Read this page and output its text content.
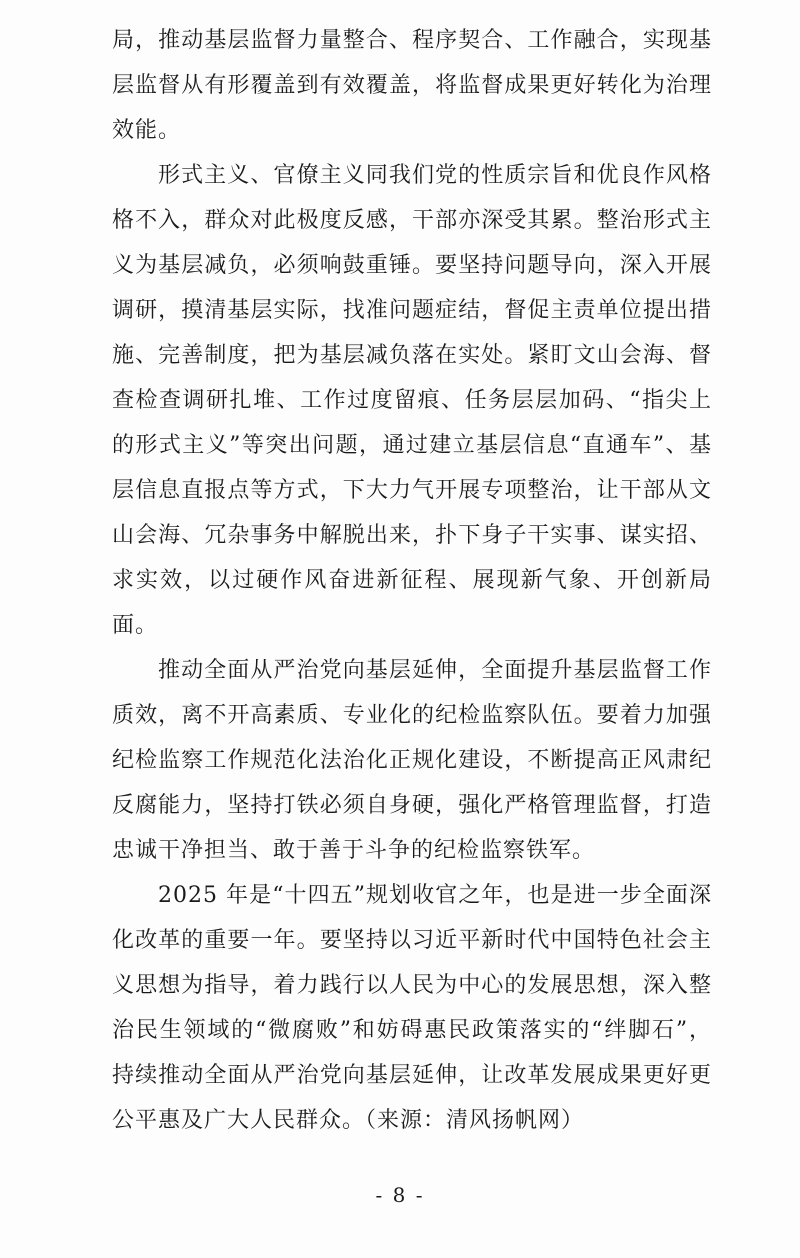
局，推动基层监督力量整合、程序契合、工作融合，实现基层监督从有形覆盖到有效覆盖，将监督成果更好转化为治理效能。

形式主义、官僚主义同我们党的性质宗旨和优良作风格格不入，群众对此极度反感，干部亦深受其累。整治形式主义为基层减负，必须响鼓重锤。要坚持问题导向，深入开展调研，摸清基层实际，找准问题症结，督促主责单位提出措施、完善制度，把为基层减负落在实处。紧盯文山会海、督查检查调研扎堆、工作过度留痕、任务层层加码、“指尖上的形式主义”等突出问题，通过建立基层信息“直通车”、基层信息直报点等方式，下大力气开展专项整治，让干部从文山会海、冗杂事务中解脱出来，扑下身子干实事、谋实招、求实效，以过硬作风奋进新征程、展现新气象、开创新局面。

推动全面从严治党向基层延伸，全面提升基层监督工作质效，离不开高素质、专业化的纪检监察队伍。要着力加强纪检监察工作规范化法治化正规化建设，不断提高正风肃纪反腐能力，坚持打铁必须自身硬，强化严格管理监督，打造忠诚干净担当、敢于善于斗争的纪检监察铁军。

2025 年是“十四五”规划收官之年，也是进一步全面深化改革的重要一年。要坚持以习近平新时代中国特色社会主义思想为指导，着力践行以人民为中心的发展思想，深入整治民生领域的“微腐败”和妨碍惠民政策落实的“绊脚石”，持续推动全面从严治党向基层延伸，让改革发展成果更好更公平惠及广大人民群众。（来源：清风扬帆网）

- 8 -
